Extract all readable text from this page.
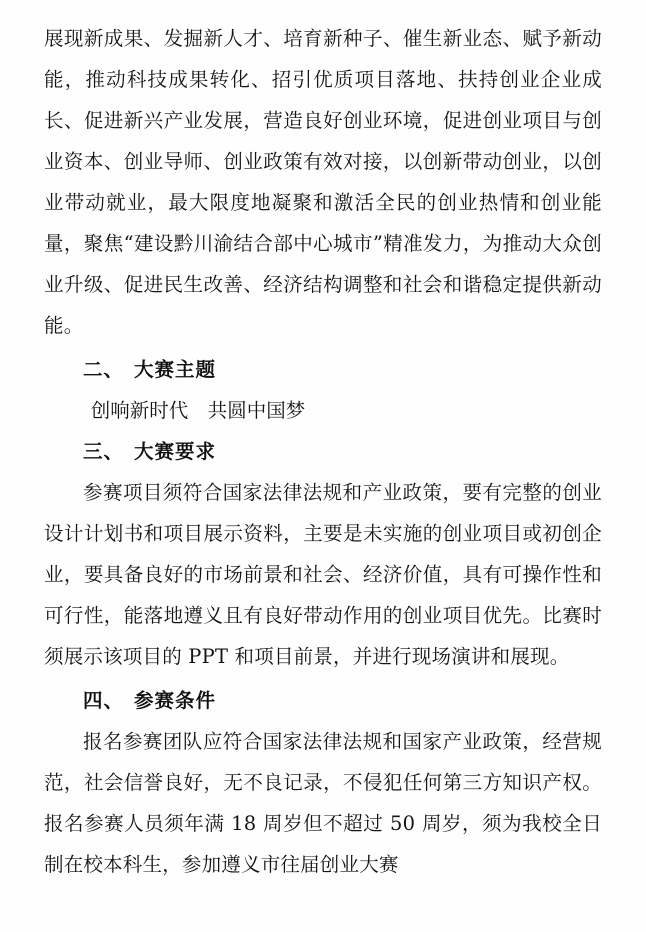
展现新成果、发掘新人才、培育新种子、催生新业态、赋予新动能，推动科技成果转化、招引优质项目落地、扶持创业企业成长、促进新兴产业发展，营造良好创业环境，促进创业项目与创业资本、创业导师、创业政策有效对接，以创新带动创业，以创业带动就业，最大限度地凝聚和激活全民的创业热情和创业能量，聚焦“建设黔川渝结合部中心城市”精准发力，为推动大众创业升级、促进民生改善、经济结构调整和社会和谐稳定提供新动能。

二、 大赛主题

创响新时代　共圆中国梦

三、 大赛要求

参赛项目须符合国家法律法规和产业政策，要有完整的创业设计计划书和项目展示资料，主要是未实施的创业项目或初创企业，要具备良好的市场前景和社会、经济价值，具有可操作性和可行性，能落地遵义且有良好带动作用的创业项目优先。比赛时须展示该项目的 PPT 和项目前景，并进行现场演讲和展现。

四、 参赛条件

报名参赛团队应符合国家法律法规和国家产业政策，经营规范，社会信誉良好，无不良记录，不侵犯任何第三方知识产权。报名参赛人员须年满 18 周岁但不超过 50 周岁，须为我校全日制在校本科生，参加遵义市往届创业大赛
